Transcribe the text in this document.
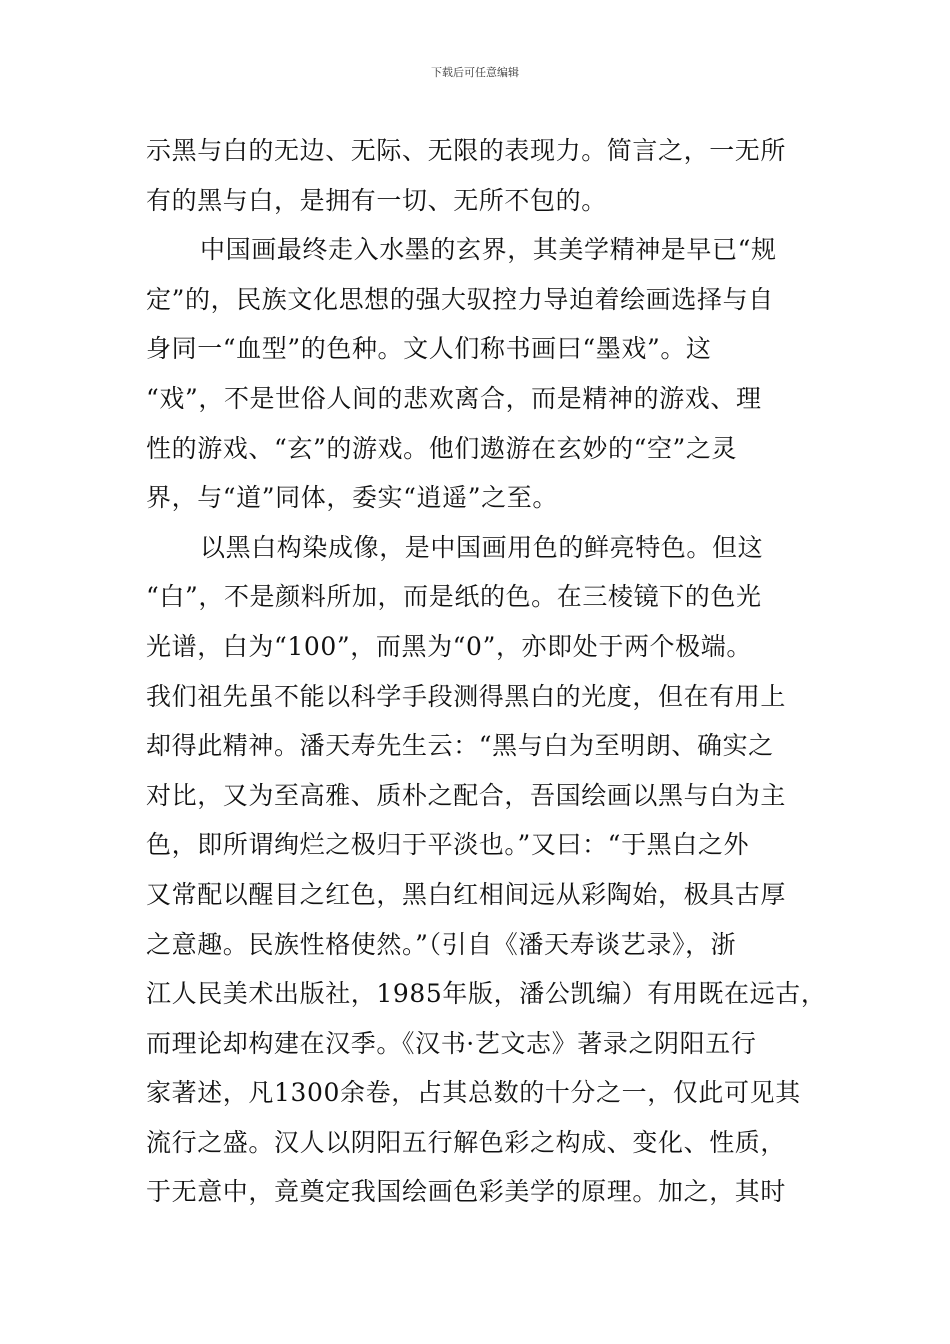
下载后可任意编辑
示黑与白的无边、无际、无限的表现力。简言之，一无所
有的黑与白，是拥有一切、无所不包的。
中国画最终走入水墨的玄界，其美学精神是早已“规
定”的，民族文化思想的强大驭控力导迫着绘画选择与自
身同一“血型”的色种。文人们称书画曰“墨戏”。这
“戏”，不是世俗人间的悲欢离合，而是精神的游戏、理
性的游戏、“玄”的游戏。他们遨游在玄妙的“空”之灵
界，与“道”同体，委实“逍遥”之至。
以黑白构染成像，是中国画用色的鲜亮特色。但这
“白”，不是颜料所加，而是纸的色。在三棱镜下的色光
光谱，白为“100”，而黑为“0”，亦即处于两个极端。
我们祖先虽不能以科学手段测得黑白的光度，但在有用上
却得此精神。潘天寿先生云：“黑与白为至明朗、确实之
对比，又为至高雅、质朴之配合，吾国绘画以黑与白为主
色，即所谓绚烂之极归于平淡也。”又曰：“于黑白之外
又常配以醒目之红色，黑白红相间远从彩陶始，极具古厚
之意趣。民族性格使然。”（引自《潘天寿谈艺录》，浙
江人民美术出版社，1985年版，潘公凯编）有用既在远古，
而理论却构建在汉季。《汉书·艺文志》著录之阴阳五行
家著述，凡1300余卷，占其总数的十分之一，仅此可见其
流行之盛。汉人以阴阳五行解色彩之构成、变化、性质，
于无意中，竟奠定我国绘画色彩美学的原理。加之，其时
